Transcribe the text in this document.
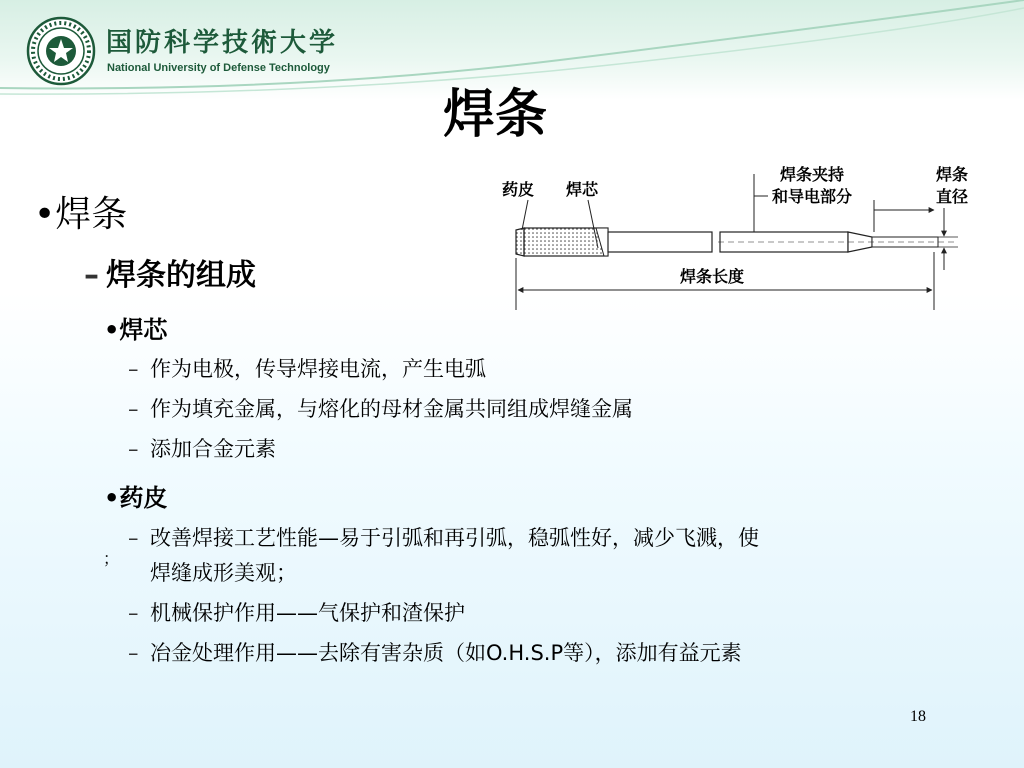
国防科学技術大学
National University of Defense Technology
焊条
药皮 焊芯
焊条夹持
和导电部分
焊条
直径
焊条长度
•焊条
– 焊条的组成
•焊芯
– 作为电极，传导焊接电流，产生电弧
– 作为填充金属，与熔化的母材金属共同组成焊缝金属
– 添加合金元素
•药皮
；
– 改善焊接工艺性能—易于引弧和再引弧，稳弧性好，减少飞溅，使
焊缝成形美观；
– 机械保护作用——气保护和渣保护
– 冶金处理作用——去除有害杂质（如O.H.S.P等），添加有益元素
18
